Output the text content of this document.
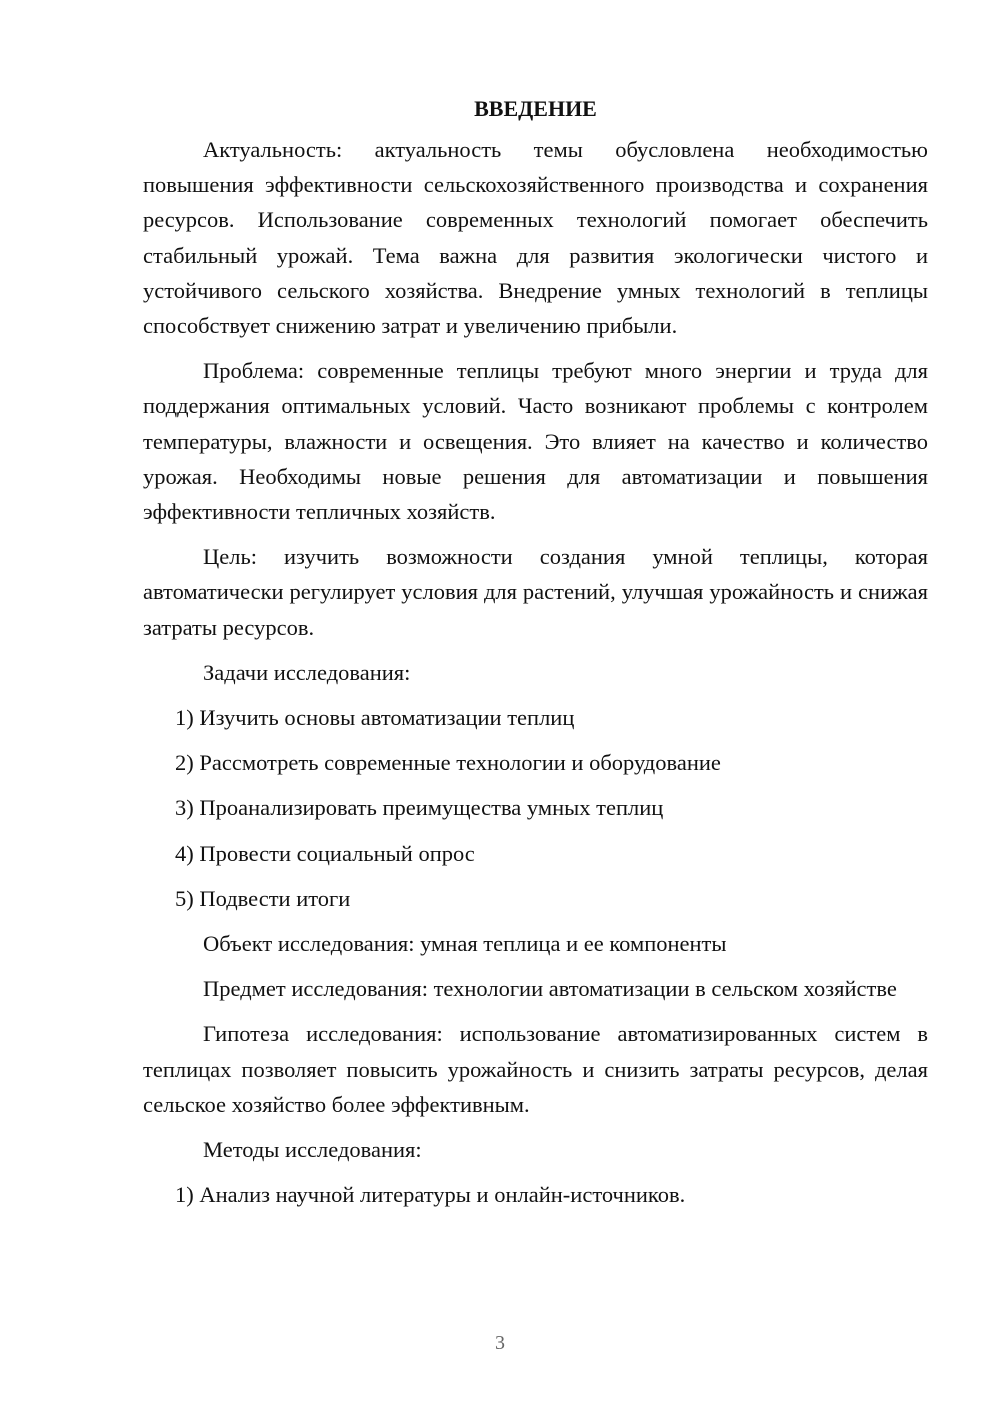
ВВЕДЕНИЕ

Актуальность: актуальность темы обусловлена необходимостью повышения эффективности сельскохозяйственного производства и сохранения ресурсов. Использование современных технологий помогает обеспечить стабильный урожай. Тема важна для развития экологически чистого и устойчивого сельского хозяйства. Внедрение умных технологий в теплицы способствует снижению затрат и увеличению прибыли.

Проблема: современные теплицы требуют много энергии и труда для поддержания оптимальных условий. Часто возникают проблемы с контролем температуры, влажности и освещения. Это влияет на качество и количество урожая. Необходимы новые решения для автоматизации и повышения эффективности тепличных хозяйств.

Цель: изучить возможности создания умной теплицы, которая автоматически регулирует условия для растений, улучшая урожайность и снижая затраты ресурсов.

Задачи исследования:
1) Изучить основы автоматизации теплиц
2) Рассмотреть современные технологии и оборудование
3) Проанализировать преимущества умных теплиц
4) Провести социальный опрос
5) Подвести итоги
Объект исследования: умная теплица и ее компоненты

Предмет исследования: технологии автоматизации в сельском хозяйстве

Гипотеза исследования: использование автоматизированных систем в теплицах позволяет повысить урожайность и снизить затраты ресурсов, делая сельское хозяйство более эффективным.

Методы исследования:
1) Анализ научной литературы и онлайн-источников.
3
